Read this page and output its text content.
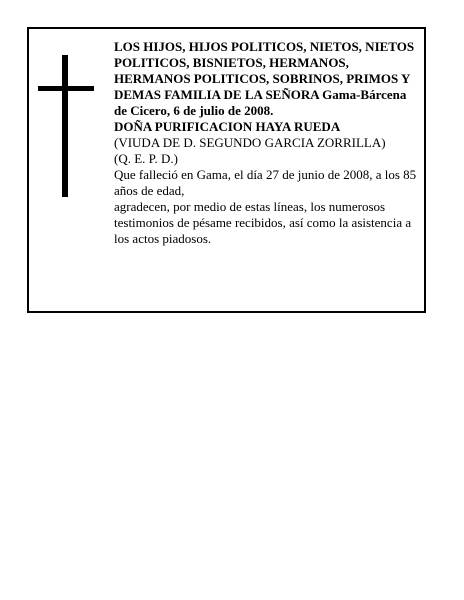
LOS HIJOS, HIJOS POLITICOS, NIETOS, NIETOS POLITICOS, BISNIETOS, HERMANOS, HERMANOS POLITICOS, SOBRINOS, PRIMOS Y DEMAS FAMILIA DE LA SEÑORA Gama-Bárcena de Cicero, 6 de julio de 2008.

DOÑA PURIFICACION HAYA RUEDA

(VIUDA DE D. SEGUNDO GARCIA ZORRILLA)

(Q. E. P. D.)

Que falleció en Gama, el día 27 de junio de 2008, a los 85 años de edad,

agradecen, por medio de estas líneas, los numerosos testimonios de pésame recibidos, así como la asistencia a los actos piadosos.
